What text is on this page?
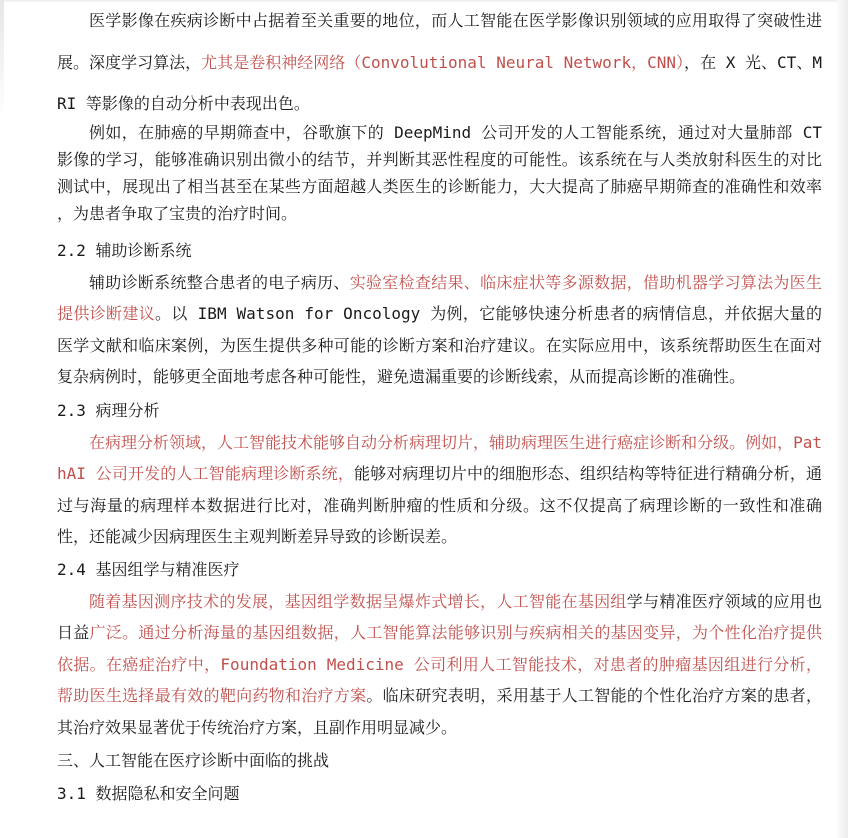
医学影像在疾病诊断中占据着至关重要的地位，而人工智能在医学影像识别领域的应用取得了突破性进展。深度学习算法，尤其是卷积神经网络（Convolutional Neural Network，CNN），在 X 光、CT、MRI 等影像的自动分析中表现出色。

例如，在肺癌的早期筛查中，谷歌旗下的 DeepMind 公司开发的人工智能系统，通过对大量肺部 CT 影像的学习，能够准确识别出微小的结节，并判断其恶性程度的可能性。该系统在与人类放射科医生的对比测试中，展现出了相当甚至在某些方面超越人类医生的诊断能力，大大提高了肺癌早期筛查的准确性和效率 ，为患者争取了宝贵的治疗时间。

2.2 辅助诊断系统

辅助诊断系统整合患者的电子病历、实验室检查结果、临床症状等多源数据，借助机器学习算法为医生提供诊断建议。以 IBM Watson for Oncology 为例，它能够快速分析患者的病情信息，并依据大量的医学文献和临床案例，为医生提供多种可能的诊断方案和治疗建议。在实际应用中，该系统帮助医生在面对复杂病例时，能够更全面地考虑各种可能性，避免遗漏重要的诊断线索，从而提高诊断的准确性。

2.3 病理分析

在病理分析领域，人工智能技术能够自动分析病理切片，辅助病理医生进行癌症诊断和分级。例如，PathAI 公司开发的人工智能病理诊断系统，能够对病理切片中的细胞形态、组织结构等特征进行精确分析，通过与海量的病理样本数据进行比对，准确判断肿瘤的性质和分级。这不仅提高了病理诊断的一致性和准确性，还能减少因病理医生主观判断差异导致的诊断误差。

2.4 基因组学与精准医疗

随着基因测序技术的发展，基因组学数据呈爆炸式增长，人工智能在基因组学与精准医疗领域的应用也日益广泛。通过分析海量的基因组数据，人工智能算法能够识别与疾病相关的基因变异，为个性化治疗提供依据。在癌症治疗中，Foundation Medicine 公司利用人工智能技术，对患者的肿瘤基因组进行分析，帮助医生选择最有效的靶向药物和治疗方案。临床研究表明，采用基于人工智能的个性化治疗方案的患者，其治疗效果显著优于传统治疗方案，且副作用明显减少。

三、人工智能在医疗诊断中面临的挑战
3.1 数据隐私和安全问题
